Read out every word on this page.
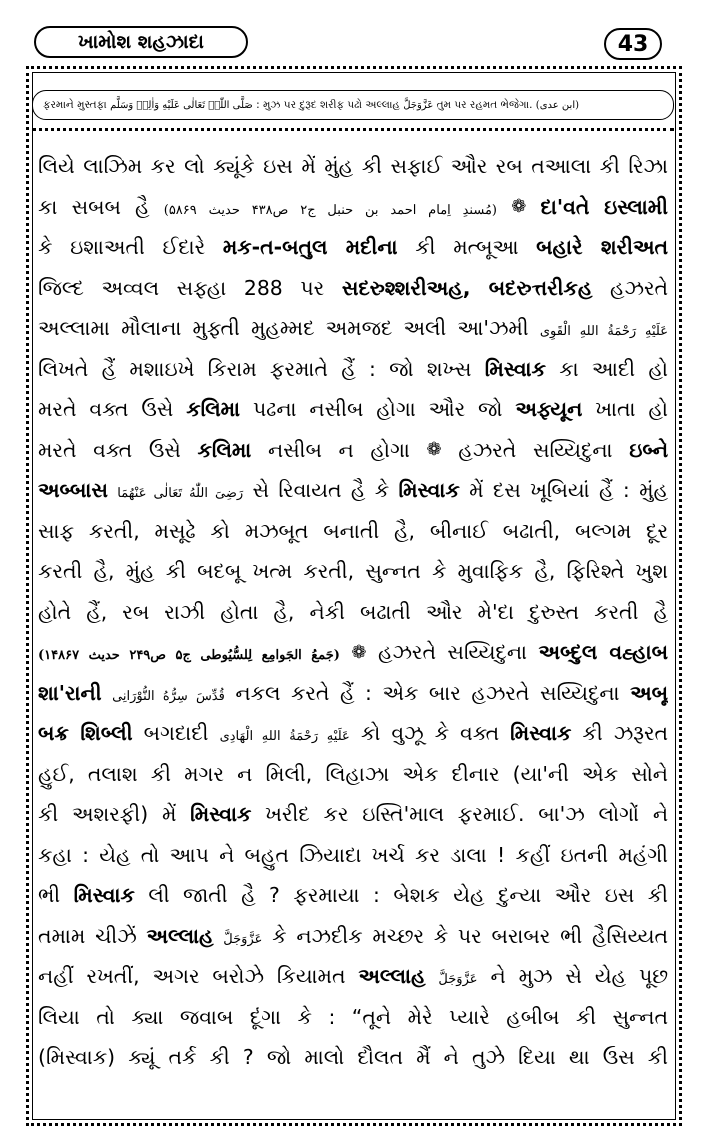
ખામોશ શહઝાદા	43
ફરમાને મુસ્તફા
صَلَّی اللّٰہُ تَعَالٰی عَلَيْهِ وَاٰلِهٖ وَسَلَّم
: મુઝ પર દુરૂદ શરીફ પઢો અલ્લાહ
عَزَّوَجَلَّ
તુમ પર રહમત ભેજેગા.
(ابن عدی)
લિયે લાઝિમ કર લો ક્યૂંકે ઇસ મેં મુંહ કી સફાઈ ઔર રબ તઆલા કી રિઝા
કા સબબ હૈ (مُسندِ اِمام احمد بن حنبل ج۲ ص۴۳۸ حدیث ۵۸۶۹) ❁ દા'વતે ઇસ્લામી
કે ઇશાઅતી ઈદારે મક-ત-બતુલ મદીના કી મત્બૂઆ બહારે શરીઅત
જિલ્દ અવ્વલ સફ્હા 288 પર સદરુશ્શરીઅહ, બદરુત્તરીકહ હઝરતે
અલ્લામા મૌલાના મુફ્તી મુહમ્મદ અમજદ અલી આ'ઝમી عَلَيْهِ رَحْمَةُ اللهِ الْقَوِى
લિખતે હૈં મશાઇખે કિરામ ફરમાતે હૈં : જો શખ્સ મિસ્વાક કા આદી હો
મરતે વક્ત ઉસે કલિમા પઢના નસીબ હોગા ઔર જો અફ્યૂન ખાતા હો
મરતે વક્ત ઉસે કલિમા નસીબ ન હોગા ❁ હઝરતે સય્યિદુના ઇબ્ને
અબ્બાસ رَضِىَ اللّٰهُ تَعَالٰى عَنْهُمَا સે રિવાયત હૈ કે મિસ્વાક મેં દસ ખૂબિયાં હૈં : મુંહ
સાફ કરતી, મસૂઢે કો મઝબૂત બનાતી હૈ, બીનાઈ બઢાતી, બલ્ગમ દૂર
કરતી હૈ, મુંહ કી બદબૂ ખત્મ કરતી, સુન્નત કે મુવાફિક હૈ, ફિરિશ્તે ખુશ
હોતે હૈં, રબ રાઝી હોતા હૈ, નેકી બઢાતી ઔર મે'દા દુરુસ્ત કરતી હૈ
(جَمعُ الجَوامِع لِلسُّیُوطی ج۵ ص۲۴۹ حدیث ۱۴۸۶۷) ❁ હઝરતે સય્યિદુના અબ્દુલ વહ્હાબ
શા'રાની قُدِّسَ سِرُّهُ النُّوْرَانِى નકલ કરતે હૈં : એક બાર હઝરતે સય્યિદુના અબૂ
બક્ર શિબ્લી બગદાદી عَلَيْهِ رَحْمَةُ اللهِ الْهَادِى કો વુઝૂ કે વક્ત મિસ્વાક કી ઝરૂરત
હુઈ, તલાશ કી મગર ન મિલી, લિહાઝા એક દીનાર (યા'ની એક સોને
કી અશરફી) મેં મિસ્વાક ખરીદ કર ઇસ્તિ'માલ ફરમાઈ. બા'ઝ લોગોં ને
કહા : યેહ તો આપ ને બહુત ઝિયાદા ખર્ચ કર ડાલા ! કહીં ઇતની મહંગી
ભી મિસ્વાક લી જાતી હૈ ? ફરમાયા : બેશક યેહ દુન્યા ઔર ઇસ કી
તમામ ચીઝેં અલ્લાહ عَزَّوَجَلَّ કે નઝદીક મચ્છર કે પર બરાબર ભી હૈસિય્યત
નહીં રખતીં, અગર બરોઝે કિયામત અલ્લાહ عَزَّوَجَلَّ ને મુઝ સે યેહ પૂછ
લિયા તો ક્યા જવાબ દૂંગા કે : “તૂને મેરે પ્યારે હબીબ કી સુન્નત
(મિસ્વાક) ક્યૂં તર્ક કી ? જો માલો દૌલત મૈં ને તુઝે દિયા થા ઉસ કી
